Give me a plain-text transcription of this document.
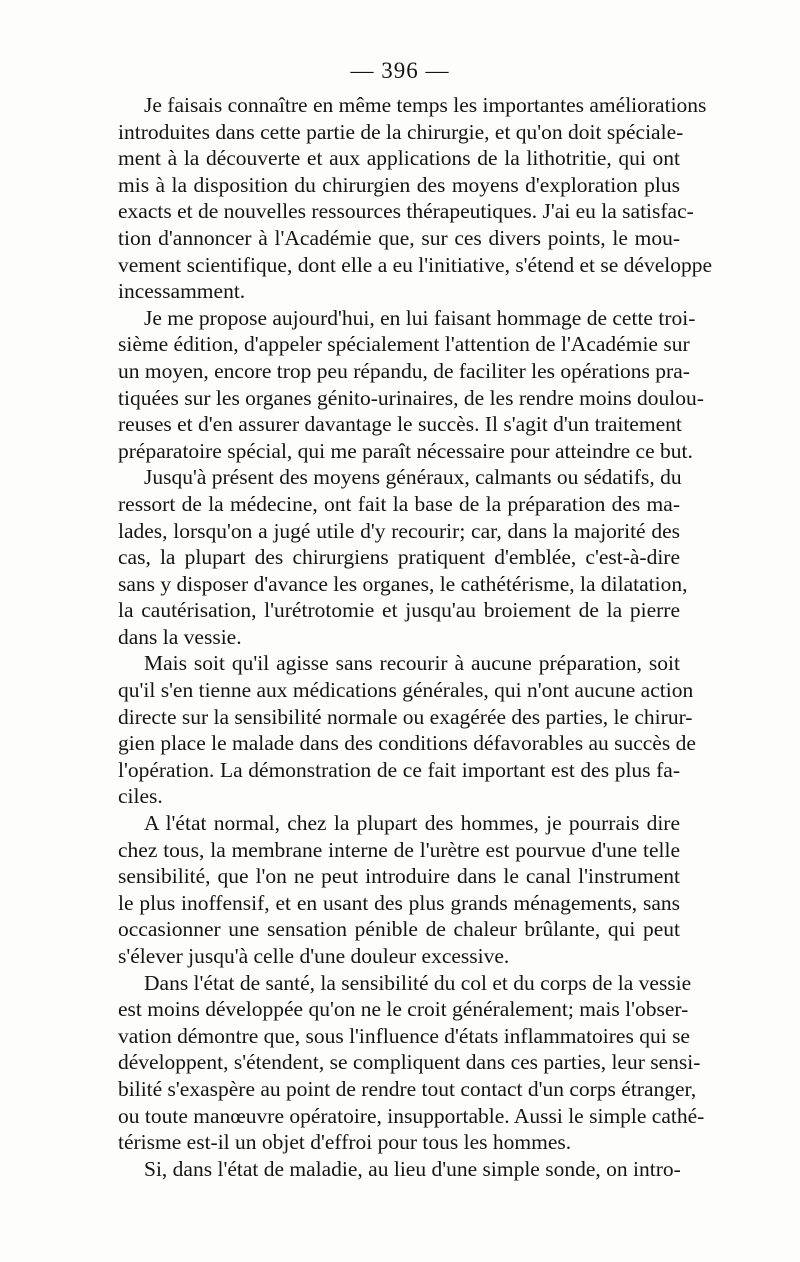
— 396 —
Je faisais connaître en même temps les importantes améliorations
introduites dans cette partie de la chirurgie, et qu'on doit spéciale-
ment à la découverte et aux applications de la lithotritie, qui ont
mis à la disposition du chirurgien des moyens d'exploration plus
exacts et de nouvelles ressources thérapeutiques. J'ai eu la satisfac-
tion d'annoncer à l'Académie que, sur ces divers points, le mou-
vement scientifique, dont elle a eu l'initiative, s'étend et se développe
incessamment.
Je me propose aujourd'hui, en lui faisant hommage de cette troi-
sième édition, d'appeler spécialement l'attention de l'Académie sur
un moyen, encore trop peu répandu, de faciliter les opérations pra-
tiquées sur les organes génito-urinaires, de les rendre moins doulou-
reuses et d'en assurer davantage le succès. Il s'agit d'un traitement
préparatoire spécial, qui me paraît nécessaire pour atteindre ce but.
Jusqu'à présent des moyens généraux, calmants ou sédatifs, du
ressort de la médecine, ont fait la base de la préparation des ma-
lades, lorsqu'on a jugé utile d'y recourir; car, dans la majorité des
cas, la plupart des chirurgiens pratiquent d'emblée, c'est-à-dire
sans y disposer d'avance les organes, le cathétérisme, la dilatation,
la cautérisation, l'urétrotomie et jusqu'au broiement de la pierre
dans la vessie.
Mais soit qu'il agisse sans recourir à aucune préparation, soit
qu'il s'en tienne aux médications générales, qui n'ont aucune action
directe sur la sensibilité normale ou exagérée des parties, le chirur-
gien place le malade dans des conditions défavorables au succès de
l'opération. La démonstration de ce fait important est des plus fa-
ciles.
A l'état normal, chez la plupart des hommes, je pourrais dire
chez tous, la membrane interne de l'urètre est pourvue d'une telle
sensibilité, que l'on ne peut introduire dans le canal l'instrument
le plus inoffensif, et en usant des plus grands ménagements, sans
occasionner une sensation pénible de chaleur brûlante, qui peut
s'élever jusqu'à celle d'une douleur excessive.
Dans l'état de santé, la sensibilité du col et du corps de la vessie
est moins développée qu'on ne le croit généralement; mais l'obser-
vation démontre que, sous l'influence d'états inflammatoires qui se
développent, s'étendent, se compliquent dans ces parties, leur sensi-
bilité s'exaspère au point de rendre tout contact d'un corps étranger,
ou toute manœuvre opératoire, insupportable. Aussi le simple cathé-
térisme est-il un objet d'effroi pour tous les hommes.
Si, dans l'état de maladie, au lieu d'une simple sonde, on intro-
